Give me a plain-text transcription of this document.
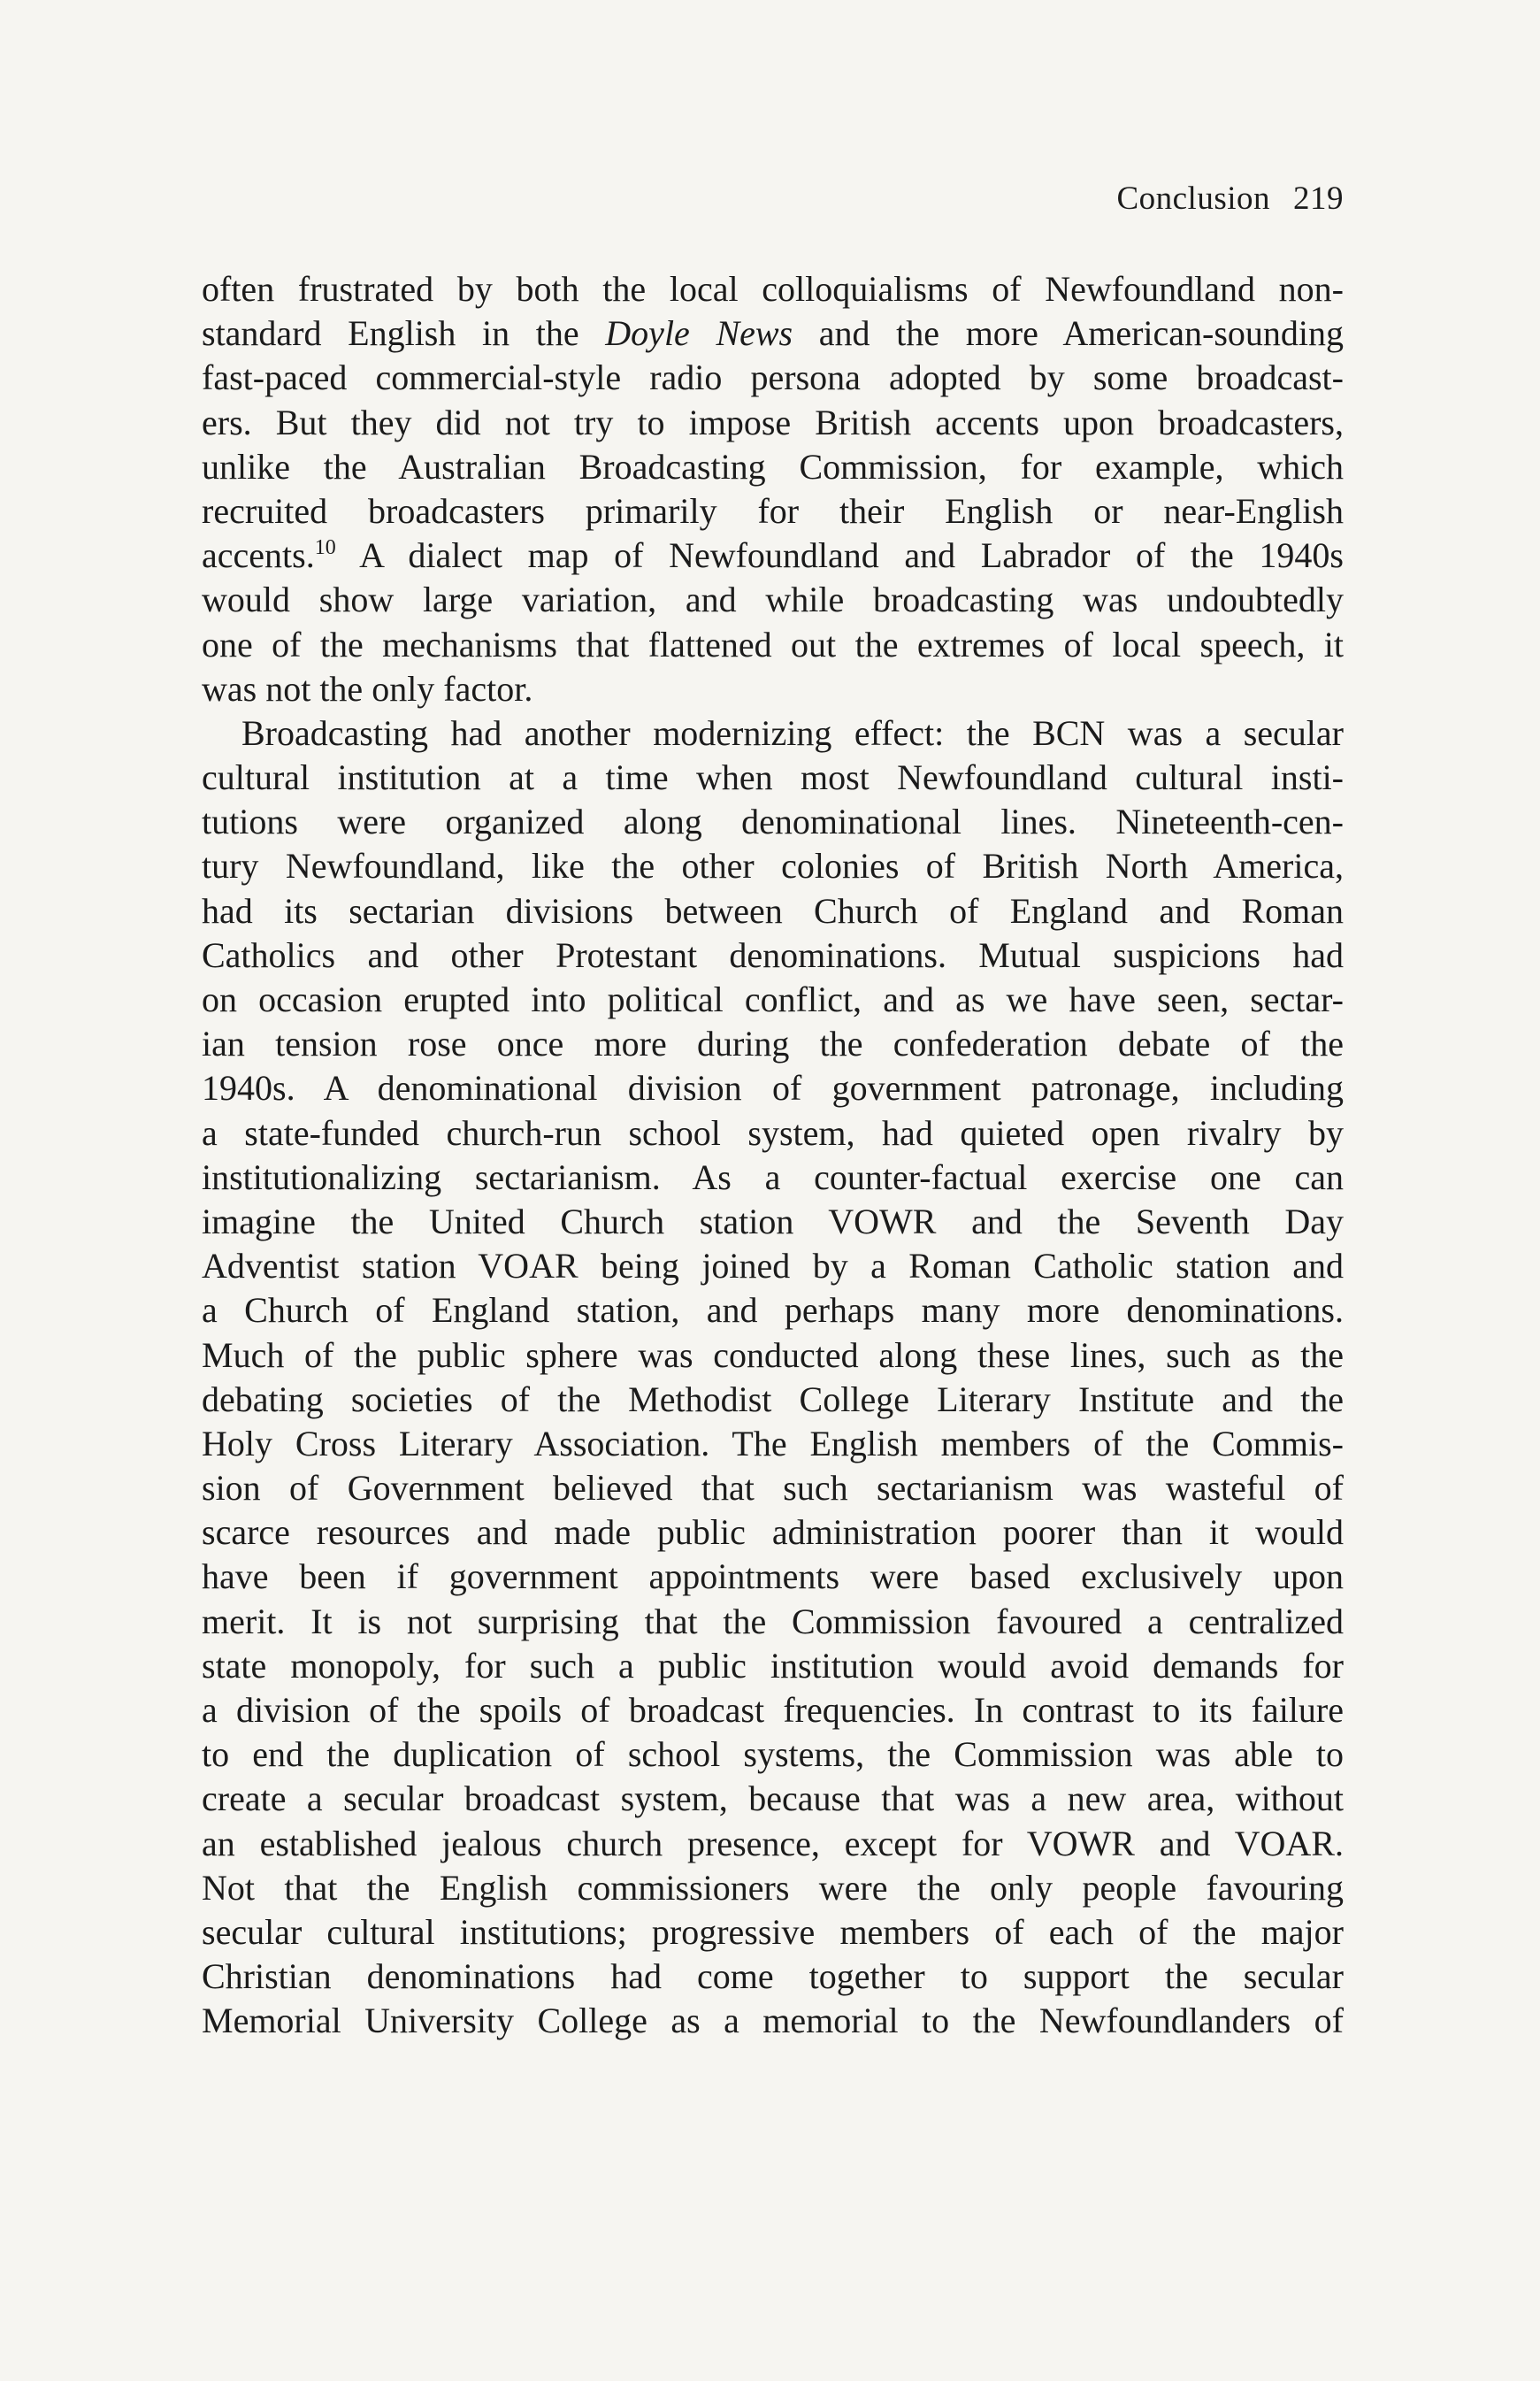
Conclusion 219
often frustrated by both the local colloquialisms of Newfoundland non-
standard English in the Doyle News and the more American-sounding
fast-paced commercial-style radio persona adopted by some broadcast-
ers. But they did not try to impose British accents upon broadcasters,
unlike the Australian Broadcasting Commission, for example, which
recruited broadcasters primarily for their English or near-English
accents.$^{10}$ A dialect map of Newfoundland and Labrador of the 1940s
would show large variation, and while broadcasting was undoubtedly
one of the mechanisms that flattened out the extremes of local speech, it
was not the only factor.
Broadcasting had another modernizing effect: the BCN was a secular
cultural institution at a time when most Newfoundland cultural insti-
tutions were organized along denominational lines. Nineteenth-cen-
tury Newfoundland, like the other colonies of British North America,
had its sectarian divisions between Church of England and Roman
Catholics and other Protestant denominations. Mutual suspicions had
on occasion erupted into political conflict, and as we have seen, sectar-
ian tension rose once more during the confederation debate of the
1940s. A denominational division of government patronage, including
a state-funded church-run school system, had quieted open rivalry by
institutionalizing sectarianism. As a counter-factual exercise one can
imagine the United Church station VOWR and the Seventh Day
Adventist station VOAR being joined by a Roman Catholic station and
a Church of England station, and perhaps many more denominations.
Much of the public sphere was conducted along these lines, such as the
debating societies of the Methodist College Literary Institute and the
Holy Cross Literary Association. The English members of the Commis-
sion of Government believed that such sectarianism was wasteful of
scarce resources and made public administration poorer than it would
have been if government appointments were based exclusively upon
merit. It is not surprising that the Commission favoured a centralized
state monopoly, for such a public institution would avoid demands for
a division of the spoils of broadcast frequencies. In contrast to its failure
to end the duplication of school systems, the Commission was able to
create a secular broadcast system, because that was a new area, without
an established jealous church presence, except for VOWR and VOAR.
Not that the English commissioners were the only people favouring
secular cultural institutions; progressive members of each of the major
Christian denominations had come together to support the secular
Memorial University College as a memorial to the Newfoundlanders of
